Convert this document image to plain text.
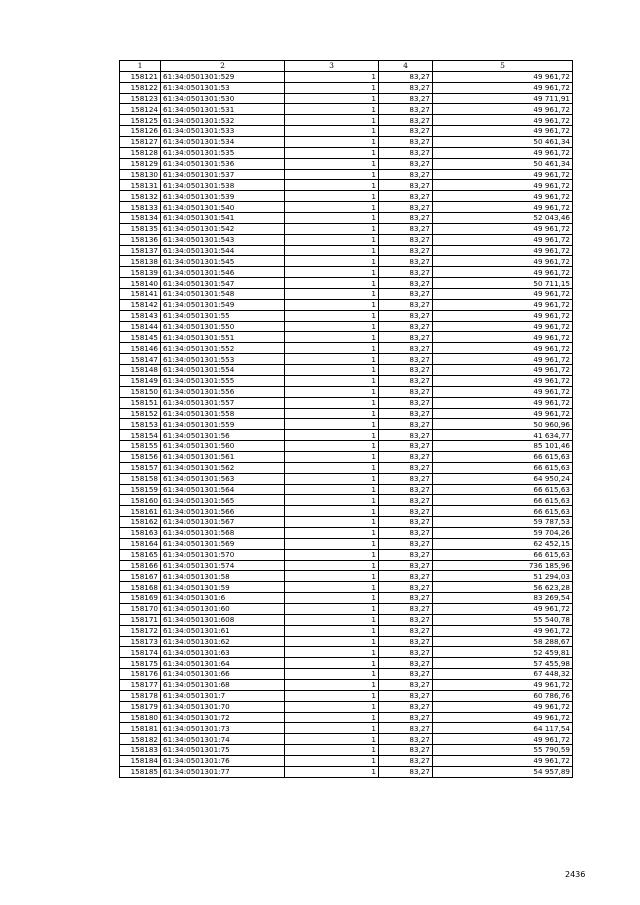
1	2	3	4	5
158121	61:34:0501301:529	1	83,27	49 961,72
158122	61:34:0501301:53	1	83,27	49 961,72
158123	61:34:0501301:530	1	83,27	49 711,91
158124	61:34:0501301:531	1	83,27	49 961,72
158125	61:34:0501301:532	1	83,27	49 961,72
158126	61:34:0501301:533	1	83,27	49 961,72
158127	61:34:0501301:534	1	83,27	50 461,34
158128	61:34:0501301:535	1	83,27	49 961,72
158129	61:34:0501301:536	1	83,27	50 461,34
158130	61:34:0501301:537	1	83,27	49 961,72
158131	61:34:0501301:538	1	83,27	49 961,72
158132	61:34:0501301:539	1	83,27	49 961,72
158133	61:34:0501301:540	1	83,27	49 961,72
158134	61:34:0501301:541	1	83,27	52 043,46
158135	61:34:0501301:542	1	83,27	49 961,72
158136	61:34:0501301:543	1	83,27	49 961,72
158137	61:34:0501301:544	1	83,27	49 961,72
158138	61:34:0501301:545	1	83,27	49 961,72
158139	61:34:0501301:546	1	83,27	49 961,72
158140	61:34:0501301:547	1	83,27	50 711,15
158141	61:34:0501301:548	1	83,27	49 961,72
158142	61:34:0501301:549	1	83,27	49 961,72
158143	61:34:0501301:55	1	83,27	49 961,72
158144	61:34:0501301:550	1	83,27	49 961,72
158145	61:34:0501301:551	1	83,27	49 961,72
158146	61:34:0501301:552	1	83,27	49 961,72
158147	61:34:0501301:553	1	83,27	49 961,72
158148	61:34:0501301:554	1	83,27	49 961,72
158149	61:34:0501301:555	1	83,27	49 961,72
158150	61:34:0501301:556	1	83,27	49 961,72
158151	61:34:0501301:557	1	83,27	49 961,72
158152	61:34:0501301:558	1	83,27	49 961,72
158153	61:34:0501301:559	1	83,27	50 960,96
158154	61:34:0501301:56	1	83,27	41 634,77
158155	61:34:0501301:560	1	83,27	85 101,46
158156	61:34:0501301:561	1	83,27	66 615,63
158157	61:34:0501301:562	1	83,27	66 615,63
158158	61:34:0501301:563	1	83,27	64 950,24
158159	61:34:0501301:564	1	83,27	66 615,63
158160	61:34:0501301:565	1	83,27	66 615,63
158161	61:34:0501301:566	1	83,27	66 615,63
158162	61:34:0501301:567	1	83,27	59 787,53
158163	61:34:0501301:568	1	83,27	59 704,26
158164	61:34:0501301:569	1	83,27	62 452,15
158165	61:34:0501301:570	1	83,27	66 615,63
158166	61:34:0501301:574	1	83,27	736 185,96
158167	61:34:0501301:58	1	83,27	51 294,03
158168	61:34:0501301:59	1	83,27	56 623,28
158169	61:34:0501301:6	1	83,27	83 269,54
158170	61:34:0501301:60	1	83,27	49 961,72
158171	61:34:0501301:608	1	83,27	55 540,78
158172	61:34:0501301:61	1	83,27	49 961,72
158173	61:34:0501301:62	1	83,27	58 288,67
158174	61:34:0501301:63	1	83,27	52 459,81
158175	61:34:0501301:64	1	83,27	57 455,98
158176	61:34:0501301:66	1	83,27	67 448,32
158177	61:34:0501301:68	1	83,27	49 961,72
158178	61:34:0501301:7	1	83,27	60 786,76
158179	61:34:0501301:70	1	83,27	49 961,72
158180	61:34:0501301:72	1	83,27	49 961,72
158181	61:34:0501301:73	1	83,27	64 117,54
158182	61:34:0501301:74	1	83,27	49 961,72
158183	61:34:0501301:75	1	83,27	55 790,59
158184	61:34:0501301:76	1	83,27	49 961,72
158185	61:34:0501301:77	1	83,27	54 957,89
2436
